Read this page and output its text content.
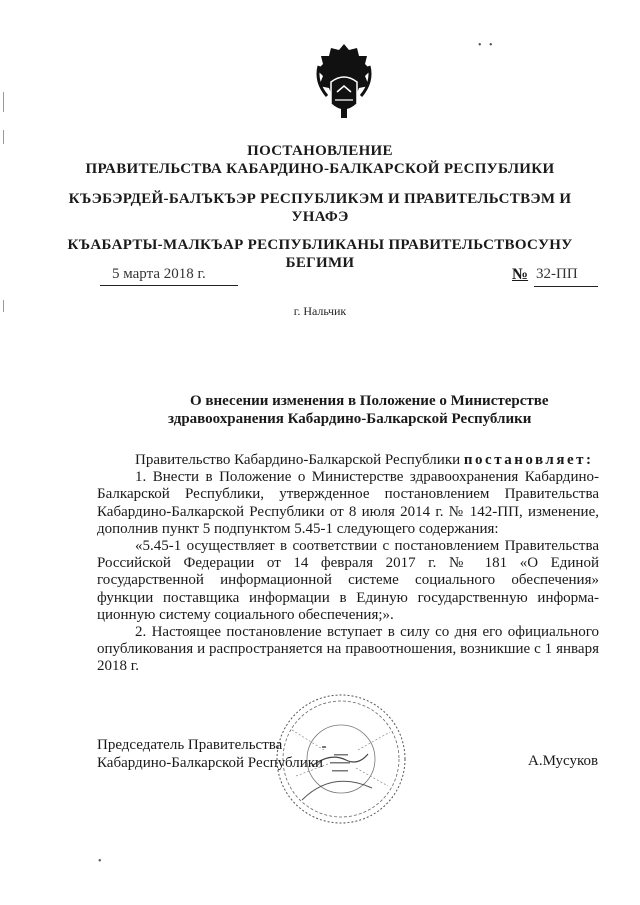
•   •
•
ПОСТАНОВЛЕНИЕ
ПРАВИТЕЛЬСТВА КАБАРДИНО-БАЛКАРСКОЙ РЕСПУБЛИКИ
КЪЭБЭРДЕЙ-БАЛЪКЪЭР РЕСПУБЛИКЭМ И ПРАВИТЕЛЬСТВЭМ И
УНАФЭ
КЪАБАРТЫ-МАЛКЪАР РЕСПУБЛИКАНЫ ПРАВИТЕЛЬСТВОСУНУ
БЕГИМИ
5 марта 2018 г.	№ 32-ПП
г. Нальчик
О внесении изменения в Положение о Министерстве
здравоохранения Кабардино-Балкарской Республики

Правительство Кабардино-Балкарской Республики постановляет:

1. Внести в Положение о Министерстве здравоохранения Кабардино-Балкарской Республики, утвержденное постановлением Правительства Кабардино-Балкарской Республики от 8 июля 2014 г. № 142-ПП, изменение, дополнив пункт 5 подпунктом 5.45-1 следующего содержания:

«5.45-1 осуществляет в соответствии с постановлением Правительства Российской Федерации от 14 февраля 2017 г. № 181 «О Единой государственной информационной системе социального обеспечения» функции поставщика информации в Единую государственную информа-ционную систему социального обеспечения;».

2. Настоящее постановление вступает в силу со дня его официального опубликования и распространяется на правоотношения, возникшие с 1 января 2018 г.

Председатель Правительства
Кабардино-Балкарской Республики	А.Мусуков
